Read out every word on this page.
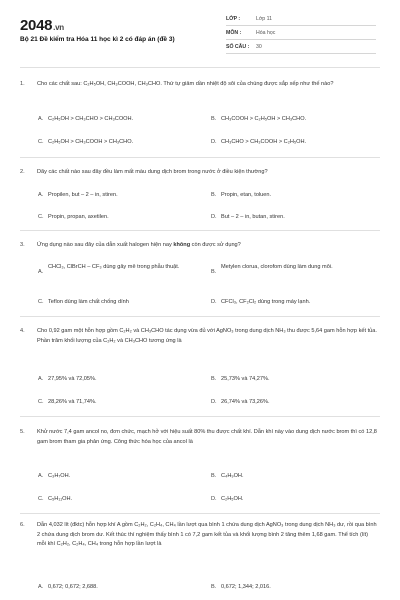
2048.vn
Bộ 21 Đề kiểm tra Hóa 11 học kì 2 có đáp án (đề 3)
LỚP :	Lớp 11
MÔN :	Hóa học
SỐ CÂU : 30
1. Cho các chất sau: C₂H₅OH, CH₃COOH, CH₃CHO. Thứ tự giảm dần nhiệt độ sôi của chúng được sắp xếp như thế nào?
A. C₂H₅OH > CH₃CHO > CH₃COOH.	B. CH₃COOH > C₂H₅OH > CH₃CHO.
C. C₂H₅OH > CH₃COOH > CH₃CHO.	D. CH₃CHO > CH₃COOH > C₂H₅OH.
2. Dãy các chất nào sau đây đều làm mất màu dung dịch brom trong nước ở điều kiện thường?
A. Propilen, but – 2 – in, stiren.	B. Propin, etan, toluen.
C. Propin, propan, axetilen.	D. But – 2 – in, butan, stiren.
3. Ứng dụng nào sau đây của dẫn xuất halogen hiện nay không còn được sử dụng?
A.
CHCl₃, ClBrCH – CF₃ dùng gây mê trong phẫu thuật.
B.
Metylen clorua, clorofom dùng làm dung môi.
C. Teflon dùng làm chất chống dính	D. CFCl₃, CF₂Cl₂ dùng trong máy lạnh.
4. Cho 0,92 gam một hỗn hợp gồm C₂H₂ và CH₃CHO tác dụng vừa đủ với AgNO₃ trong dung dịch NH₃ thu được 5,64 gam hỗn hợp kết tủa. Phần trăm khối lượng của C₂H₂ và CH₃CHO tương ứng là
A. 27,95% và 72,05%.	B. 25,73% và 74,27%.
C. 28,26% và 71,74%.	D. 26,74% và 73,26%.
5. Khử nước 7,4 gam ancol no, đơn chức, mạch hở với hiệu suất 80% thu được chất khí. Dẫn khí này vào dung dịch nước brom thì có 12,8 gam brom tham gia phản ứng. Công thức hóa học của ancol là
A. C₃H₇OH.	B. C₄H₉OH.
C. C₅H₁₁OH.	D. C₂H₅OH.
6. Dẫn 4,032 lít (đktc) hỗn hợp khí A gồm C₂H₂, C₂H₄, CH₄ lần lượt qua bình 1 chứa dung dịch AgNO₃ trong dung dịch NH₃ dư, rồi qua bình 2 chứa dung dịch brom dư. Kết thúc thí nghiệm thấy bình 1 có 7,2 gam kết tủa và khối lượng bình 2 tăng thêm 1,68 gam. Thể tích (lít) mỗi khí C₂H₂, C₂H₄, CH₄ trong hỗn hợp lần lượt là
A. 0,672; 0,672; 2,688.	B. 0,672; 1,344; 2,016.
